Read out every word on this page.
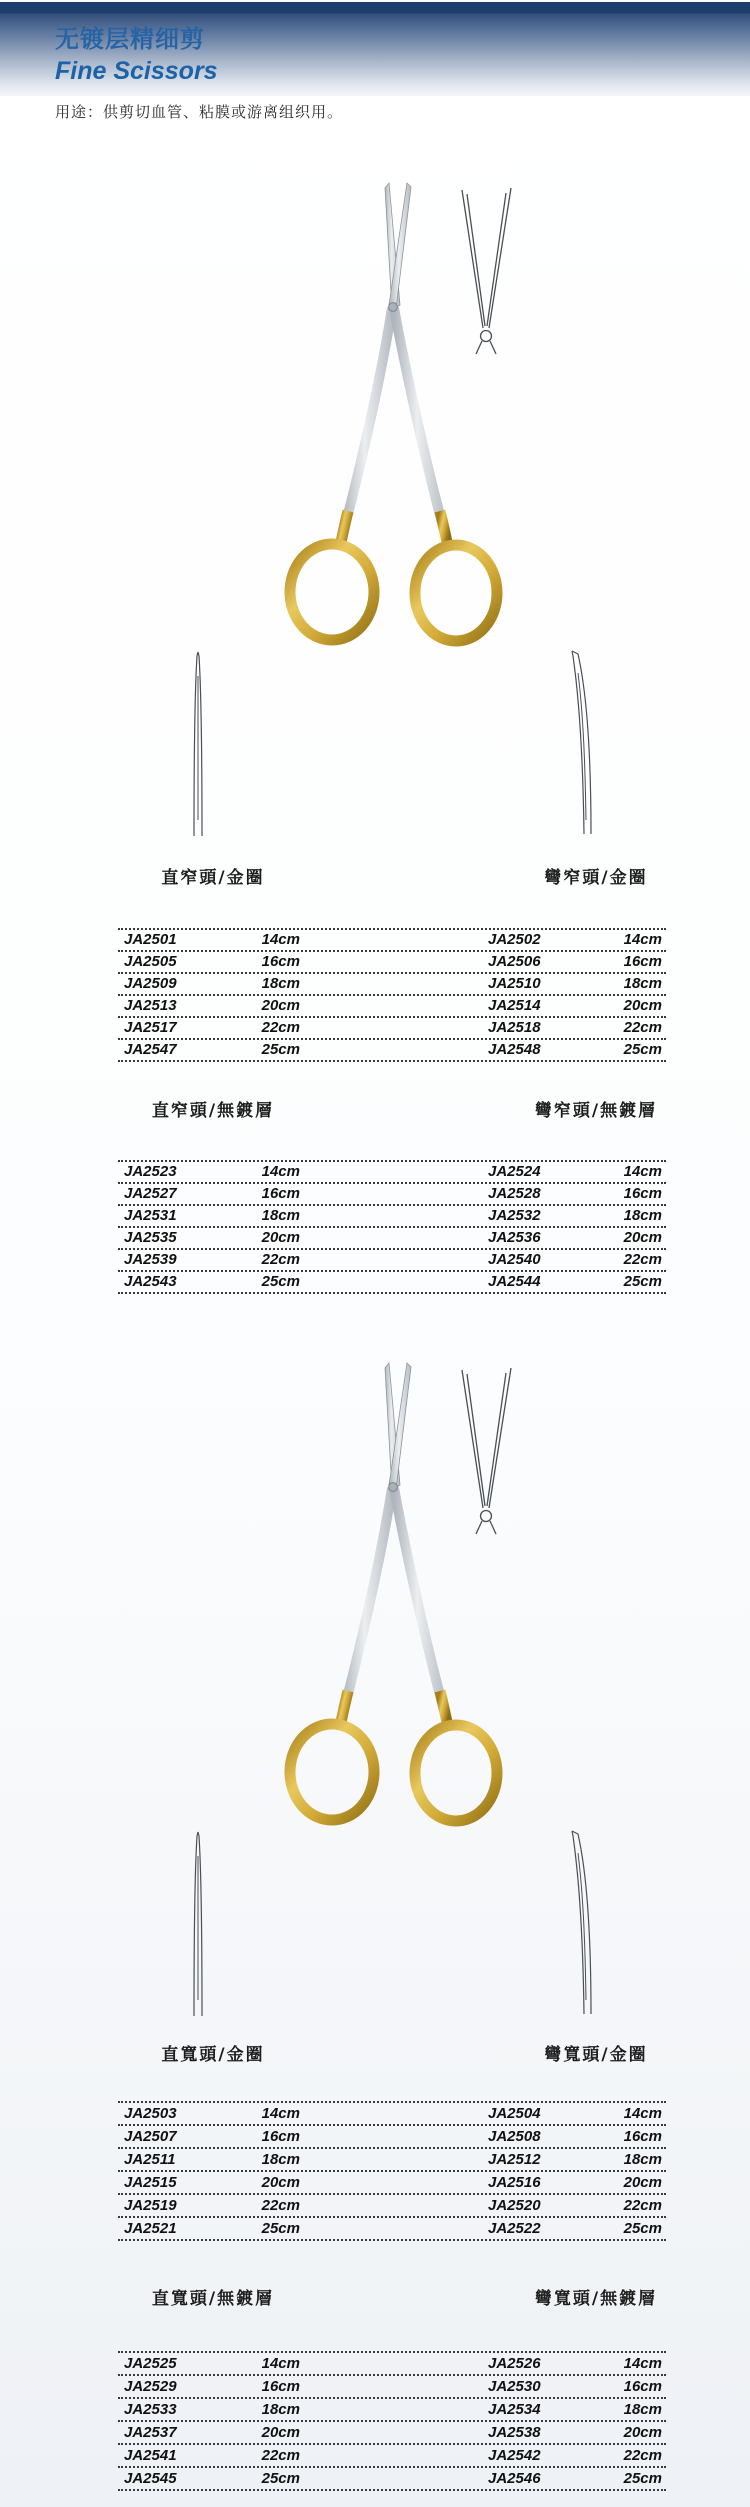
无镀层精细剪
Fine Scissors

用途：供剪切血管、粘膜或游离组织用。

直窄頭/金圈	彎窄頭/金圈

直窄頭/無鍍層	彎窄頭/無鍍層

直寬頭/金圈	彎寬頭/金圈

直寬頭/無鍍層	彎寬頭/無鍍層

JA2501	14cm	JA2502	14cm
JA2505	16cm	JA2506	16cm
JA2509	18cm	JA2510	18cm
JA2513	20cm	JA2514	20cm
JA2517	22cm	JA2518	22cm
JA2547	25cm	JA2548	25cm
JA2523	14cm	JA2524	14cm
JA2527	16cm	JA2528	16cm
JA2531	18cm	JA2532	18cm
JA2535	20cm	JA2536	20cm
JA2539	22cm	JA2540	22cm
JA2543	25cm	JA2544	25cm
JA2503	14cm	JA2504	14cm
JA2507	16cm	JA2508	16cm
JA2511	18cm	JA2512	18cm
JA2515	20cm	JA2516	20cm
JA2519	22cm	JA2520	22cm
JA2521	25cm	JA2522	25cm
JA2525	14cm	JA2526	14cm
JA2529	16cm	JA2530	16cm
JA2533	18cm	JA2534	18cm
JA2537	20cm	JA2538	20cm
JA2541	22cm	JA2542	22cm
JA2545	25cm	JA2546	25cm
